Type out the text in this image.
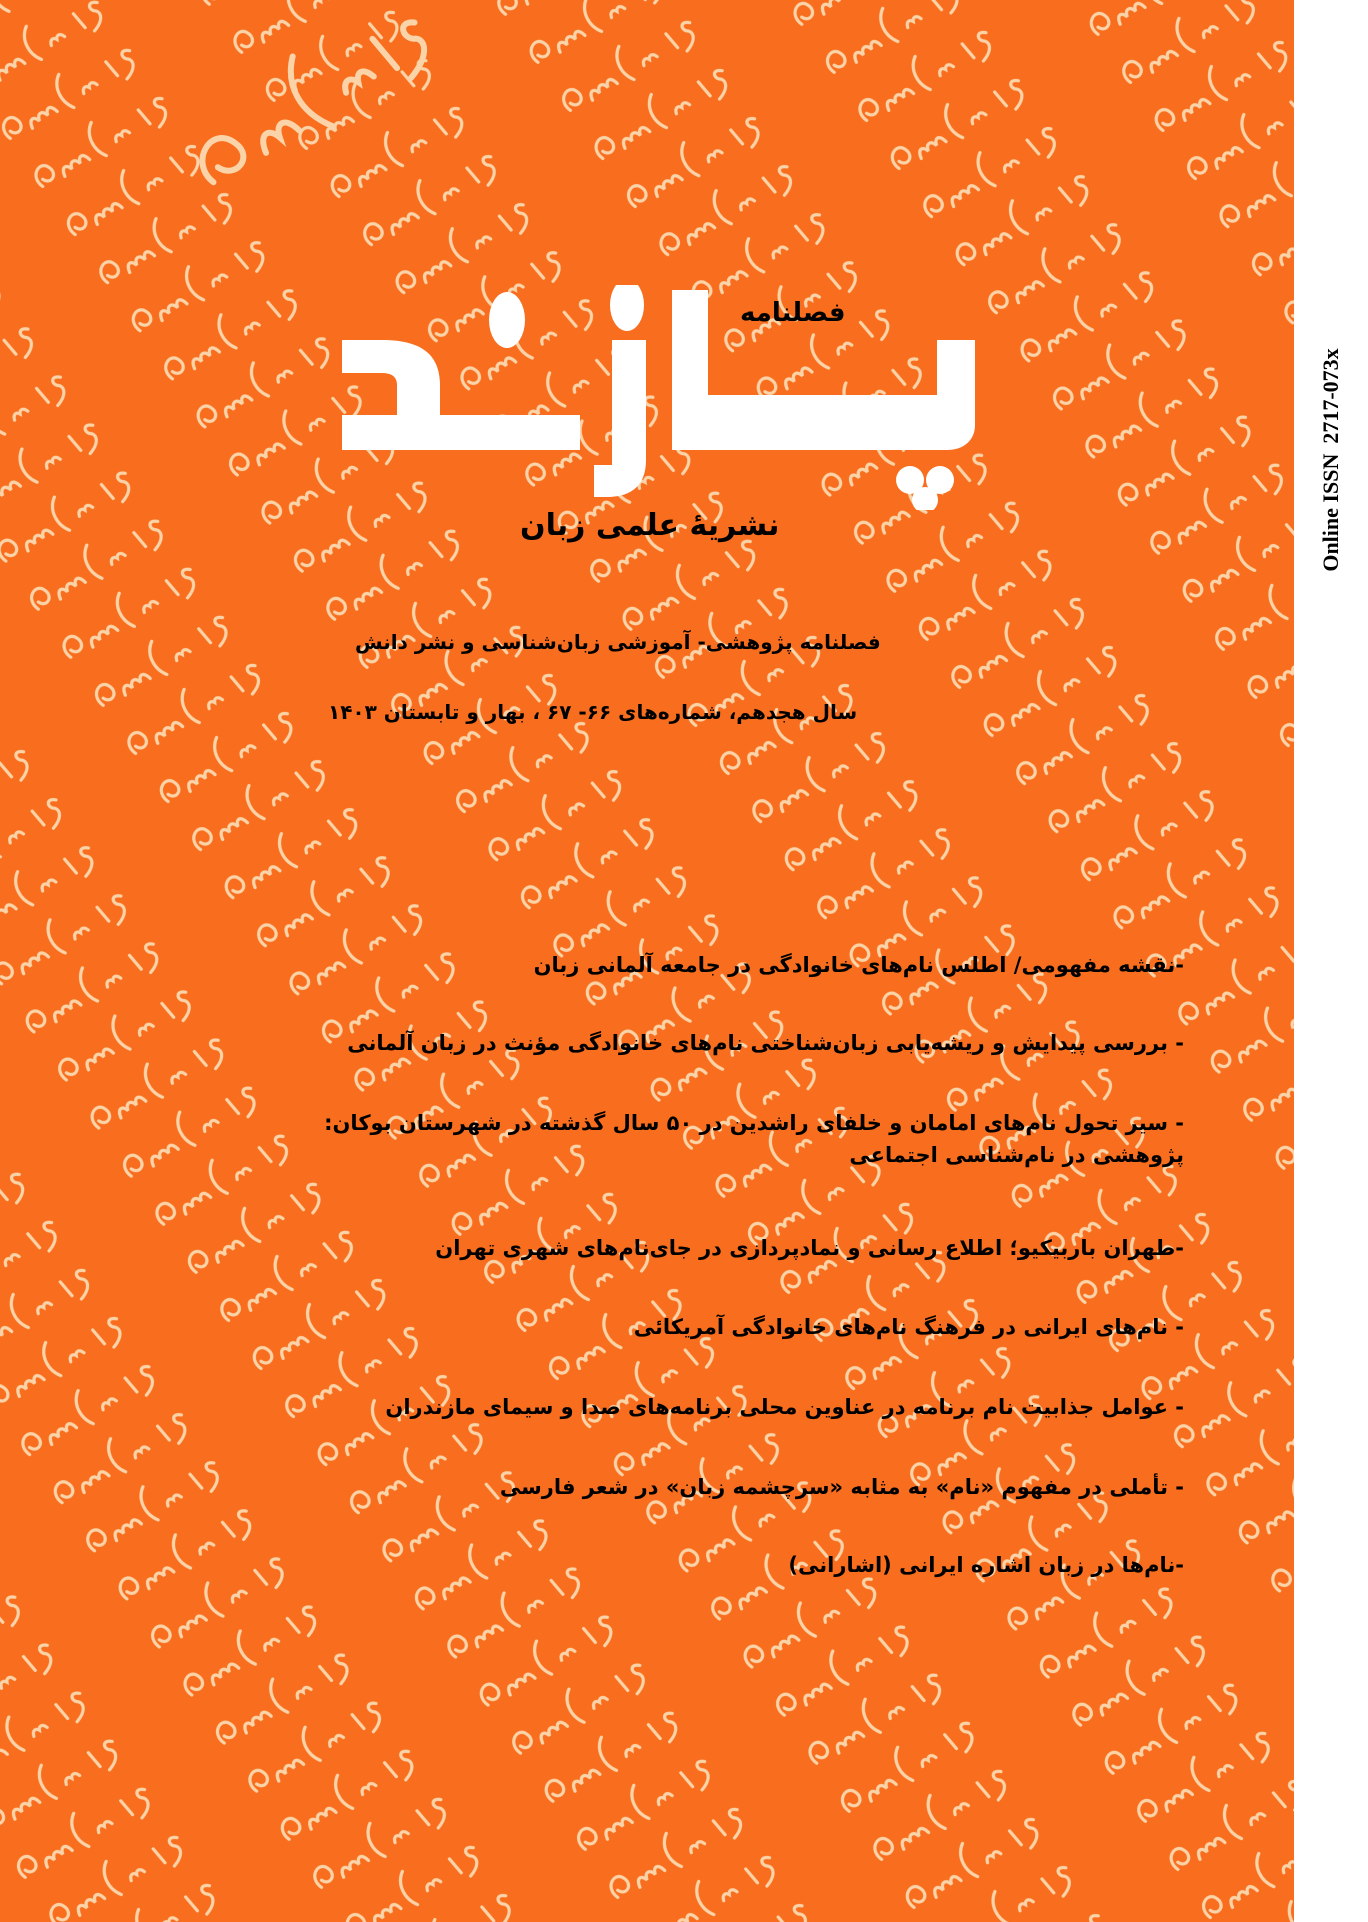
فصلنامه
نشریهٔ علمی زبان
فصلنامه پژوهشی- آموزشی زبان‌شناسی و نشر دانش
سال هجدهم، شماره‌های ۶۶- ۶۷ ، بهار و تابستان ۱۴۰۳

-نقشه مفهومی/ اطلس نام‌های خانوادگی در جامعه آلمانی زبان

- بررسی پیدایش و ریشه‌یابی زبان‌شناختی نام‌های خانوادگی مؤنث در زبان آلمانی

- سیر تحول نام‌های امامان و خلفای راشدین در ۵۰ سال گذشته در شهرستان بوکان:

پژوهشی در نام‌شناسی اجتماعی

-طهران باربیکیو؛ اطلاع رسانی و نمادپردازی در جای‌نام‌های شهری تهران

- نام‌های ایرانی در فرهنگ نام‌های خانوادگی آمریکائی

- عوامل جذابیت نام برنامه در عناوین محلی برنامه‌های صدا و سیمای مازندران

- تأملی در مفهوم «نام» به مثابه «سرچشمه زبان» در شعر فارسی

-نام‌ها در زبان اشاره ایرانی (اشارانی)

Online ISSN2717-073x
